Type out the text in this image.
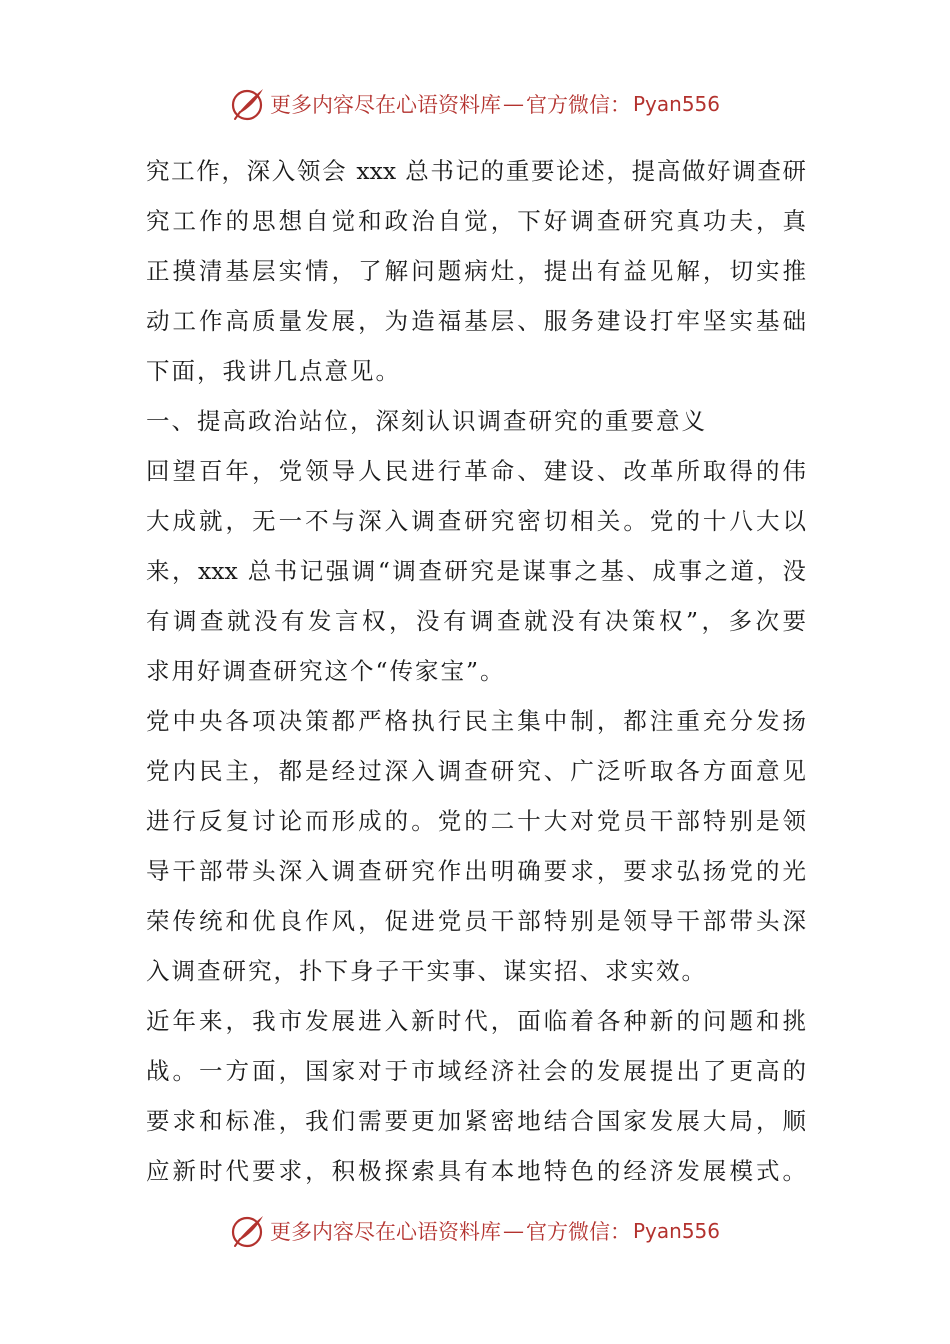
更多内容尽在心语资料库 — 官方微信： Pyan556
究工作，深入领会 xxx 总书记的重要论述，提高做好调查研
究工作的思想自觉和政治自觉，下好调查研究真功夫，真
正摸清基层实情，了解问题病灶，提出有益见解，切实推
动工作高质量发展，为造福基层、服务建设打牢坚实基础
下面，我讲几点意见。
一、提高政治站位，深刻认识调查研究的重要意义
回望百年，党领导人民进行革命、建设、改革所取得的伟
大成就，无一不与深入调查研究密切相关。党的十八大以
来，xxx 总书记强调“调查研究是谋事之基、成事之道，没
有调查就没有发言权，没有调查就没有决策权”，多次要
求用好调查研究这个“传家宝”。
党中央各项决策都严格执行民主集中制，都注重充分发扬
党内民主，都是经过深入调查研究、广泛听取各方面意见
进行反复讨论而形成的。党的二十大对党员干部特别是领
导干部带头深入调查研究作出明确要求，要求弘扬党的光
荣传统和优良作风，促进党员干部特别是领导干部带头深
入调查研究，扑下身子干实事、谋实招、求实效。
近年来，我市发展进入新时代，面临着各种新的问题和挑
战。一方面，国家对于市域经济社会的发展提出了更高的
要求和标准，我们需要更加紧密地结合国家发展大局，顺
应新时代要求，积极探索具有本地特色的经济发展模式。
更多内容尽在心语资料库 — 官方微信： Pyan556
